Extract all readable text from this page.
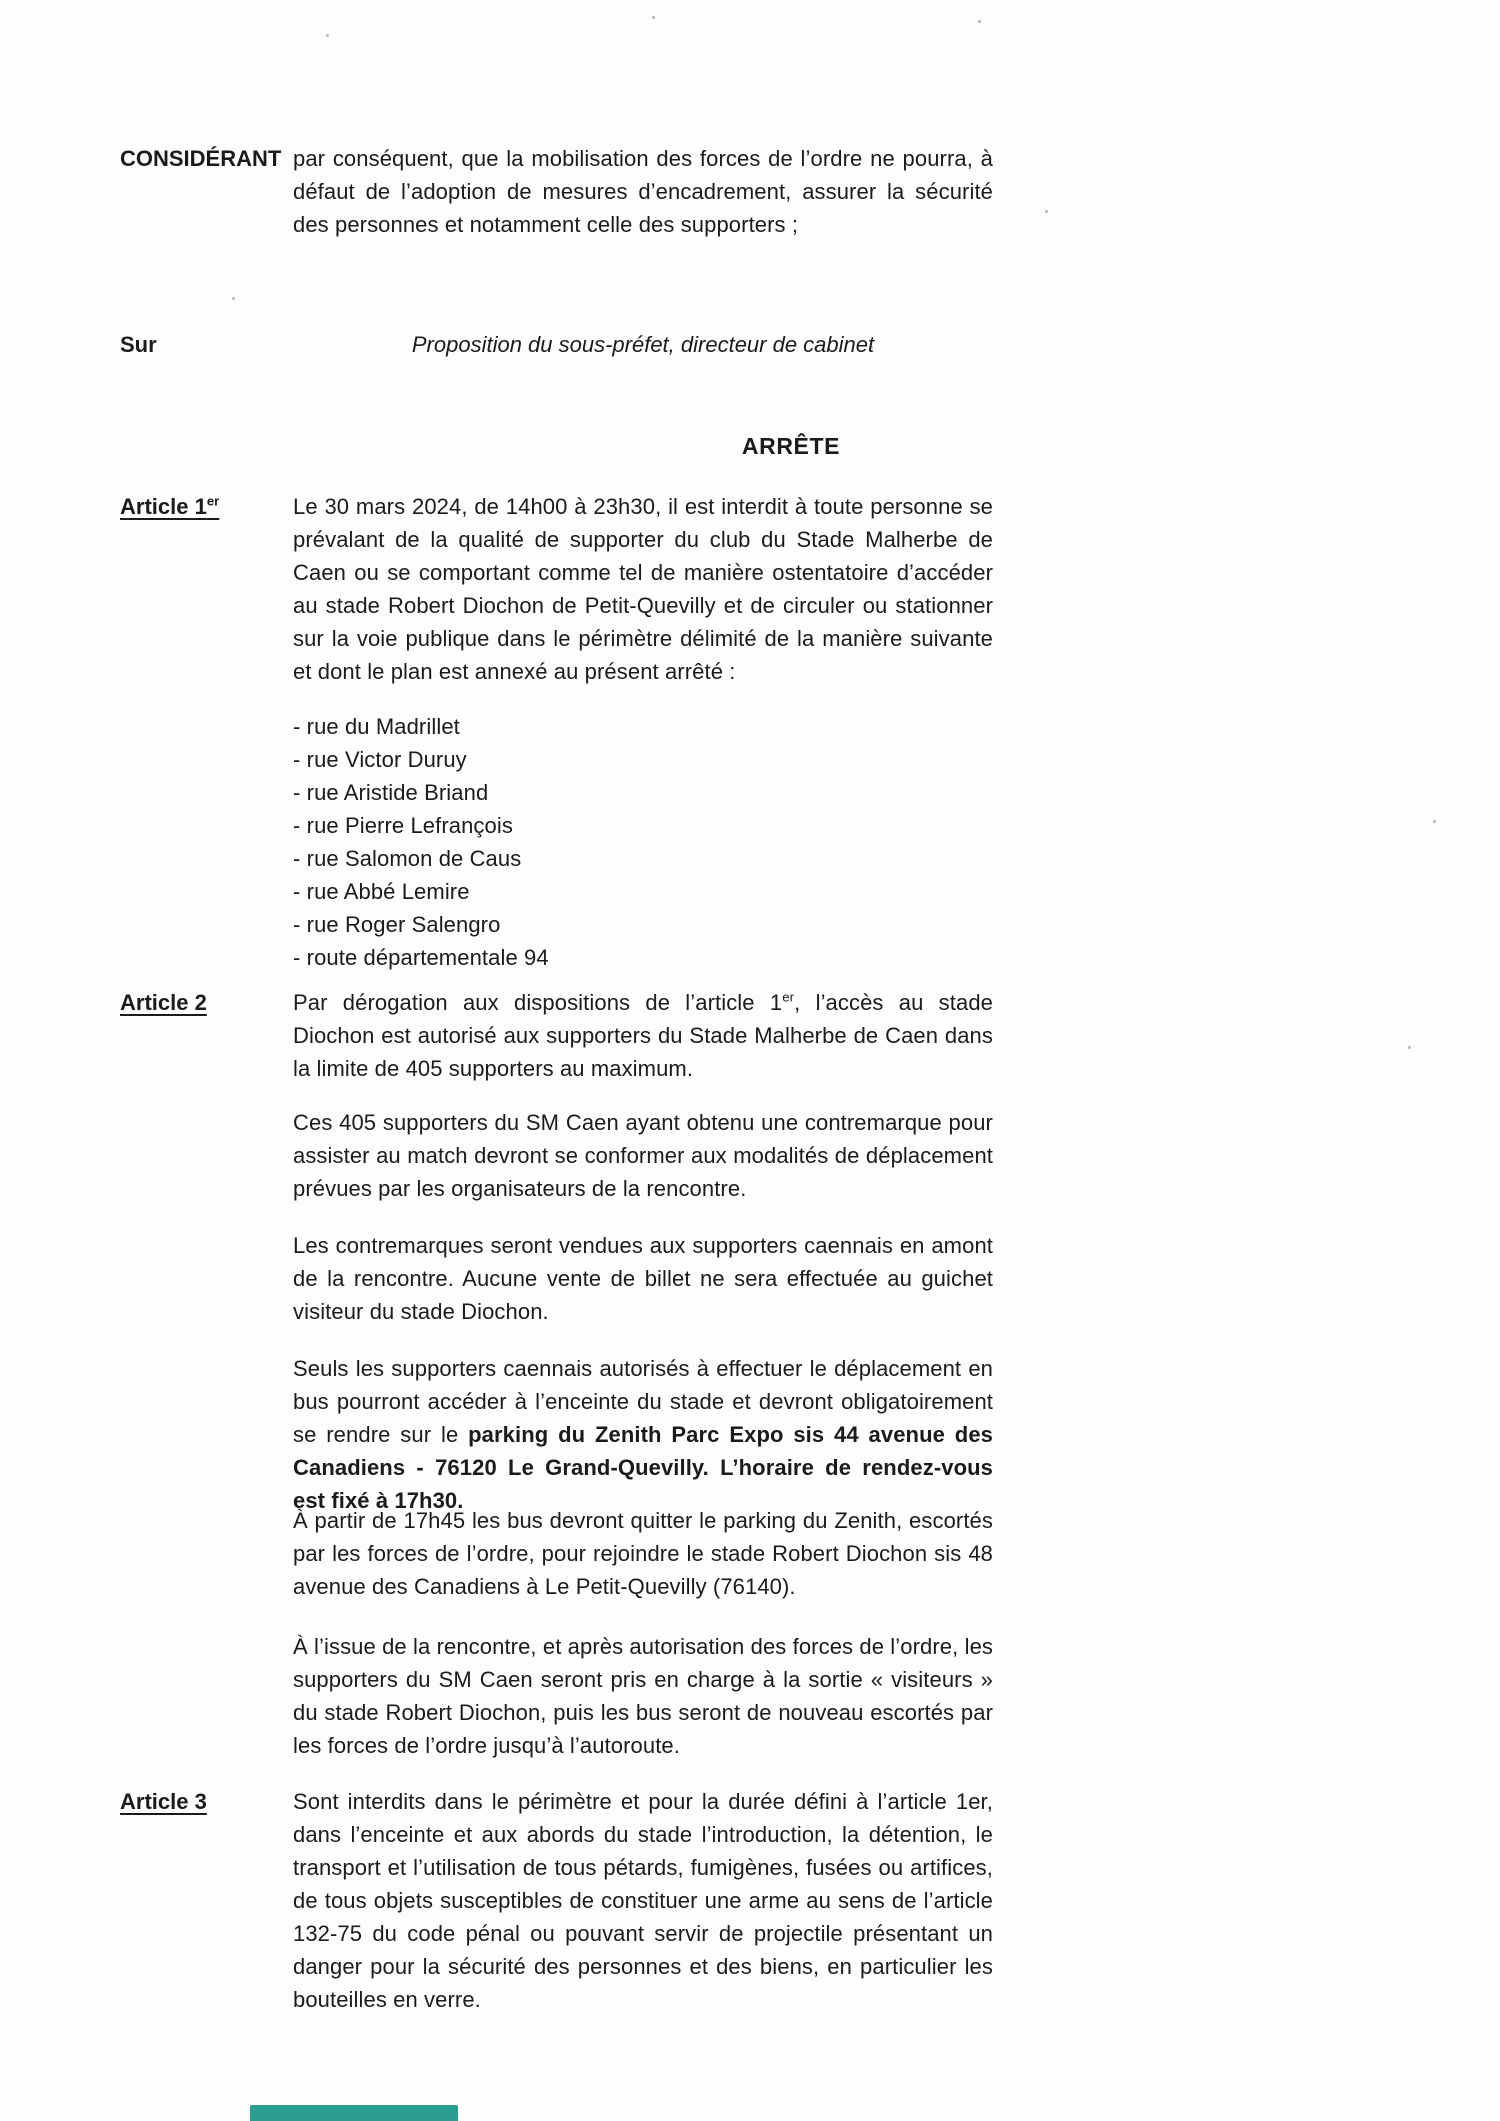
CONSIDÉRANT par conséquent, que la mobilisation des forces de l’ordre ne pourra, à défaut de l’adoption de mesures d’encadrement, assurer la sécurité des personnes et notamment celle des supporters ;

Sur	Proposition du sous-préfet, directeur de cabinet

ARRÊTE
Article 1er	Le 30 mars 2024, de 14h00 à 23h30, il est interdit à toute personne se prévalant de la qualité de supporter du club du Stade Malherbe de Caen ou se comportant comme tel de manière ostentatoire d’accéder au stade Robert Diochon de Petit-Quevilly et de circuler ou stationner sur la voie publique dans le périmètre délimité de la manière suivante et dont le plan est annexé au présent arrêté :

- rue du Madrillet

- rue Victor Duruy

- rue Aristide Briand

- rue Pierre Lefrançois

- rue Salomon de Caus

- rue Abbé Lemire

- rue Roger Salengro

- route départementale 94

Article 2	Par dérogation aux dispositions de l’article 1er, l’accès au stade Diochon est autorisé aux supporters du Stade Malherbe de Caen dans la limite de 405 supporters au maximum.

Ces 405 supporters du SM Caen ayant obtenu une contremarque pour assister au match devront se conformer aux modalités de déplacement prévues par les organisateurs de la rencontre.

Les contremarques seront vendues aux supporters caennais en amont de la rencontre. Aucune vente de billet ne sera effectuée au guichet visiteur du stade Diochon.

Seuls les supporters caennais autorisés à effectuer le déplacement en bus pourront accéder à l’enceinte du stade et devront obligatoirement se rendre sur le parking du Zenith Parc Expo sis 44 avenue des Canadiens - 76120 Le Grand-Quevilly. L’horaire de rendez-vous est fixé à 17h30.

À partir de 17h45 les bus devront quitter le parking du Zenith, escortés par les forces de l’ordre, pour rejoindre le stade Robert Diochon sis 48 avenue des Canadiens à Le Petit-Quevilly (76140).

À l’issue de la rencontre, et après autorisation des forces de l’ordre, les supporters du SM Caen seront pris en charge à la sortie « visiteurs » du stade Robert Diochon, puis les bus seront de nouveau escortés par les forces de l’ordre jusqu’à l’autoroute.

Article 3	Sont interdits dans le périmètre et pour la durée défini à l’article 1er, dans l’enceinte et aux abords du stade l’introduction, la détention, le transport et l’utilisation de tous pétards, fumigènes, fusées ou artifices, de tous objets susceptibles de constituer une arme au sens de l’article 132-75 du code pénal ou pouvant servir de projectile présentant un danger pour la sécurité des personnes et des biens, en particulier les bouteilles en verre.
